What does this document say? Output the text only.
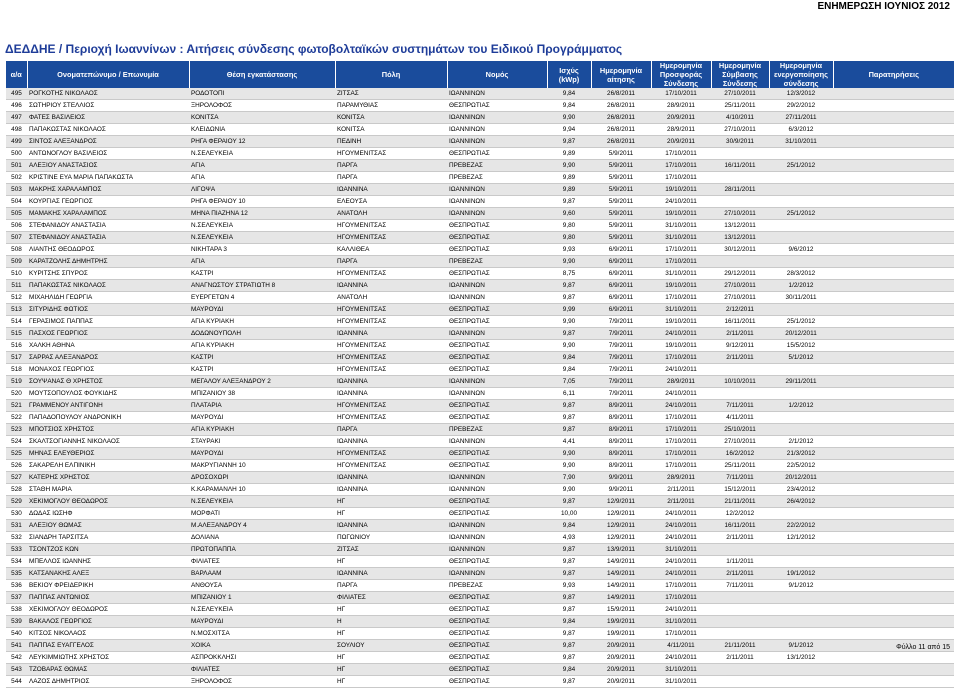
ΕΝΗΜΕΡΩΣΗ ΙΟΥΝΙΟΣ 2012
ΔΕΔΔΗΕ / Περιοχή Ιωαννίνων : Αιτήσεις σύνδεσης φωτοβολταϊκών συστημάτων του Ειδικού Προγράμματος
α/α	Ονοματεπώνυμο / Επωνυμία	Θέση εγκατάστασης	Πόλη	Νομός	Ισχύς (kWp)	Ημερομηνία αίτησης	Ημερομηνία Προσφοράς Σύνδεσης	Ημερομηνία Σύμβασης Σύνδεσης	Ημερομηνία ενεργοποίησης σύνδεσης	Παρατηρήσεις
495	ΡΟΓΚΟΤΗΣ ΝΙΚΟΛΑΟΣ	ΡΟΔΟΤΟΠΙ	ΖΙΤΣΑΣ	ΙΩΑΝΝΙΝΩΝ	9,84	26/8/2011	17/10/2011	27/10/2011	12/3/2012	
496	ΣΩΤΗΡΙΟΥ ΣΤΕΛΛΙΟΣ	ΞΗΡΟΛΟΦΟΣ	ΠΑΡΑΜΥΘΙΑΣ	ΘΕΣΠΡΩΤΙΑΣ	9,84	26/8/2011	28/9/2011	25/11/2011	29/2/2012	
497	ΦΑΤΕΣ ΒΑΣΙΛΕΙΟΣ	ΚΟΝΙΤΣΑ	ΚΟΝΙΤΣΑ	ΙΩΑΝΝΙΝΩΝ	9,90	26/8/2011	20/9/2011	4/10/2011	27/11/2011	
498	ΠΑΠΑΚΩΣΤΑΣ ΝΙΚΟΛΑΟΣ	ΚΛΕΙΔΩΝΙΑ	ΚΟΝΙΤΣΑ	ΙΩΑΝΝΙΝΩΝ	9,94	26/8/2011	28/9/2011	27/10/2011	6/3/2012	
499	ΣΙΝΤΟΣ ΑΛΕΞΑΝΔΡΟΣ	ΡΗΓΑ ΦΕΡΑΙΟΥ 12	ΠΕΔΙΝΗ	ΙΩΑΝΝΙΝΩΝ	9,87	26/8/2011	20/9/2011	30/9/2011	31/10/2011	
500	ΑΝΤΩΝΟΓΛΟΥ ΒΑΣΙΛΕΙΟΣ	Ν.ΣΕΛΕΥΚΕΙΑ	ΗΓΟΥΜΕΝΙΤΣΑΣ	ΘΕΣΠΡΩΤΙΑΣ	9,89	5/9/2011	17/10/2011			
501	ΑΛΕΞΙΟΥ ΑΝΑΣΤΑΣΙΟΣ	ΑΓΙΑ	ΠΑΡΓΑ	ΠΡΕΒΕΖΑΣ	9,90	5/9/2011	17/10/2011	16/11/2011	25/1/2012	
502	ΚΡΙΣΤΙΝΕ ΕΥΑ ΜΑΡΙΑ ΠΑΠΑΚΩΣΤΑ	ΑΓΙΑ	ΠΑΡΓΑ	ΠΡΕΒΕΖΑΣ	9,89	5/9/2011	17/10/2011			
503	ΜΑΚΡΗΣ ΧΑΡΑΛΑΜΠΟΣ	ΛΙΓΟΨΑ	ΙΩΑΝΝΙΝΑ	ΙΩΑΝΝΙΝΩΝ	9,89	5/9/2011	19/10/2011	28/11/2011		
504	ΚΟΥΡΓΙΑΣ ΓΕΩΡΓΙΟΣ	ΡΗΓΑ ΦΕΡΑΙΟΥ 10	ΕΛΕΟΥΣΑ	ΙΩΑΝΝΙΝΩΝ	9,87	5/9/2011	24/10/2011			
505	ΜΑΜΑΚΗΣ ΧΑΡΑΛΑΜΠΟΣ	ΜΗΝΑ ΠΙΑΖΗΝΑ 12	ΑΝΑΤΟΛΗ	ΙΩΑΝΝΙΝΩΝ	9,60	5/9/2011	19/10/2011	27/10/2011	25/1/2012	
506	ΣΤΕΦΑΝΙΔΟΥ ΑΝΑΣΤΑΣΙΑ	Ν.ΣΕΛΕΥΚΕΙΑ	ΗΓΟΥΜΕΝΙΤΣΑΣ	ΘΕΣΠΡΩΤΙΑΣ	9,80	5/9/2011	31/10/2011	13/12/2011		
507	ΣΤΕΦΑΝΙΔΟΥ ΑΝΑΣΤΑΣΙΑ	Ν.ΣΕΛΕΥΚΕΙΑ	ΗΓΟΥΜΕΝΙΤΣΑΣ	ΘΕΣΠΡΩΤΙΑΣ	9,80	5/9/2011	31/10/2011	13/12/2011		
508	ΛΙΑΝΤΗΣ ΘΕΟΔΩΡΟΣ	ΝΙΚΗΤΑΡΑ 3	ΚΑΛΛΙΘΕΑ	ΘΕΣΠΡΩΤΙΑΣ	9,93	6/9/2011	17/10/2011	30/12/2011	9/6/2012	
509	ΚΑΡΑΤΖΟΛΗΣ ΔΗΜΗΤΡΗΣ	ΑΓΙΑ	ΠΑΡΓΑ	ΠΡΕΒΕΖΑΣ	9,90	6/9/2011	17/10/2011			
510	ΚΥΡΙΤΣΗΣ ΣΠΥΡΟΣ	ΚΑΣΤΡΙ	ΗΓΟΥΜΕΝΙΤΣΑΣ	ΘΕΣΠΡΩΤΙΑΣ	8,75	6/9/2011	31/10/2011	29/12/2011	28/3/2012	
511	ΠΑΠΑΚΩΣΤΑΣ ΝΙΚΟΛΑΟΣ	ΑΝΑΓΝΩΣΤΟΥ ΣΤΡΑΤΙΩΤΗ 8	ΙΩΑΝΝΙΝΑ	ΙΩΑΝΝΙΝΩΝ	9,87	6/9/2011	19/10/2011	27/10/2011	1/2/2012	
512	ΜΙΧΑΗΛΙΔΗ ΓΕΩΡΓΙΑ	ΕΥΕΡΓΕΤΩΝ 4	ΑΝΑΤΟΛΗ	ΙΩΑΝΝΙΝΩΝ	9,87	6/9/2011	17/10/2011	27/10/2011	30/11/2011	
513	ΣΙΤΥΡΙΔΗΣ ΦΩΤΙΟΣ	ΜΑΥΡΟΥΔΙ	ΗΓΟΥΜΕΝΙΤΣΑΣ	ΘΕΣΠΡΩΤΙΑΣ	9,99	6/9/2011	31/10/2011	2/12/2011		
514	ΓΕΡΑΣΙΜΟΣ ΠΑΠΠΑΣ	ΑΓΙΑ ΚΥΡΙΑΚΗ	ΗΓΟΥΜΕΝΙΤΣΑΣ	ΘΕΣΠΡΩΤΙΑΣ	9,90	7/9/2011	19/10/2011	16/11/2011	25/1/2012	
515	ΠΑΣΧΟΣ ΓΕΩΡΓΙΟΣ	ΔΟΔΩΝΟΥΠΟΛΗ	ΙΩΑΝΝΙΝΑ	ΙΩΑΝΝΙΝΩΝ	9,87	7/9/2011	24/10/2011	2/11/2011	20/12/2011	
516	ΧΑΛΚΗ ΑΘΗΝΑ	ΑΓΙΑ ΚΥΡΙΑΚΗ	ΗΓΟΥΜΕΝΙΤΣΑΣ	ΘΕΣΠΡΩΤΙΑΣ	9,90	7/9/2011	19/10/2011	9/12/2011	15/5/2012	
517	ΣΑΡΡΑΣ ΑΛΕΞΑΝΔΡΟΣ	ΚΑΣΤΡΙ	ΗΓΟΥΜΕΝΙΤΣΑΣ	ΘΕΣΠΡΩΤΙΑΣ	9,84	7/9/2011	17/10/2011	2/11/2011	5/1/2012	
518	ΜΟΝΑΧΟΣ ΓΕΩΡΓΙΟΣ	ΚΑΣΤΡΙ	ΗΓΟΥΜΕΝΙΤΣΑΣ	ΘΕΣΠΡΩΤΙΑΣ	9,84	7/9/2011	24/10/2011			
519	ΣΟΥΨΑΝΑΣ Θ ΧΡΗΣΤΟΣ	ΜΕΓΑΛΟΥ ΑΛΕΞΑΝΔΡΟΥ 2	ΙΩΑΝΝΙΝΑ	ΙΩΑΝΝΙΝΩΝ	7,05	7/9/2011	28/9/2011	10/10/2011	29/11/2011	
520	ΜΟΥΤΣΟΠΟΥΛΟΣ ΦΟΥΚΙΔΗΣ	ΜΠΙΖΑΝΙΟΥ 38	ΙΩΑΝΝΙΝΑ	ΙΩΑΝΝΙΝΩΝ	6,11	7/9/2011	24/10/2011			
521	ΓΡΑΜΜΕΝΟΥ ΑΝΤΙΓΟΝΗ	ΠΛΑΤΑΡΙΑ	ΗΓΟΥΜΕΝΙΤΣΑΣ	ΘΕΣΠΡΩΤΙΑΣ	9,87	8/9/2011	24/10/2011	7/11/2011	1/2/2012	
522	ΠΑΠΑΔΟΠΟΥΛΟΥ ΑΝΔΡΟΝΙΚΗ	ΜΑΥΡΟΥΔΙ	ΗΓΟΥΜΕΝΙΤΣΑΣ	ΘΕΣΠΡΩΤΙΑΣ	9,87	8/9/2011	17/10/2011	4/11/2011		
523	ΜΠΟΤΣΙΟΣ ΧΡΗΣΤΟΣ	ΑΓΙΑ ΚΥΡΙΑΚΗ	ΠΑΡΓΑ	ΠΡΕΒΕΖΑΣ	9,87	8/9/2011	17/10/2011	25/10/2011		
524	ΣΚΑΛΤΣΟΓΙΑΝΝΗΣ ΝΙΚΟΛΑΟΣ	ΣΤΑΥΡΑΚΙ	ΙΩΑΝΝΙΝΑ	ΙΩΑΝΝΙΝΩΝ	4,41	8/9/2011	17/10/2011	27/10/2011	2/1/2012	
525	ΜΗΝΑΣ ΕΛΕΥΘΕΡΙΟΣ	ΜΑΥΡΟΥΔΙ	ΗΓΟΥΜΕΝΙΤΣΑΣ	ΘΕΣΠΡΩΤΙΑΣ	9,90	8/9/2011	17/10/2011	16/2/2012	21/3/2012	
526	ΣΑΚΑΡΕΛΗ ΕΛΠΙΝΙΚΗ	ΜΑΚΡΥΓΙΑΝΝΗ 10	ΗΓΟΥΜΕΝΙΤΣΑΣ	ΘΕΣΠΡΩΤΙΑΣ	9,90	8/9/2011	17/10/2011	25/11/2011	22/5/2012	
527	ΚΑΤΕΡΗΣ ΧΡΗΣΤΟΣ	ΔΡΟΣΟΧΩΡΙ	ΙΩΑΝΝΙΝΑ	ΙΩΑΝΝΙΝΩΝ	7,90	9/9/2011	28/9/2011	7/11/2011	20/12/2011	
528	ΣΤΑΘΗ ΜΑΡΙΑ	Κ.ΚΑΡΑΜΑΝΛΗ 10	ΙΩΑΝΝΙΝΑ	ΙΩΑΝΝΙΝΩΝ	9,90	9/9/2011	2/11/2011	15/12/2011	23/4/2012	
529	ΧΕΚΙΜΟΓΛΟΥ ΘΕΟΔΩΡΟΣ	Ν.ΣΕΛΕΥΚΕΙΑ	ΗΓ	ΘΕΣΠΡΩΤΙΑΣ	9,87	12/9/2011	2/11/2011	21/11/2011	26/4/2012	
530	ΔΩΔΑΣ ΙΩΣΗΦ	ΜΟΡΦΑΤΙ	ΗΓ	ΘΕΣΠΡΩΤΙΑΣ	10,00	12/9/2011	24/10/2011	12/2/2012		
531	ΑΛΕΞΙΟΥ ΘΩΜΑΣ	Μ.ΑΛΕΞΑΝΔΡΟΥ 4	ΙΩΑΝΝΙΝΑ	ΙΩΑΝΝΙΝΩΝ	9,84	12/9/2011	24/10/2011	16/11/2011	22/2/2012	
532	ΣΙΑΝΔΡΗ ΤΑΡΣΙΤΣΑ	ΔΟΛΙΑΝΑ	ΠΩΓΩΝΙΟΥ	ΙΩΑΝΝΙΝΩΝ	4,93	12/9/2011	24/10/2011	2/11/2011	12/1/2012	
533	ΤΣΟΝΤΖΟΣ ΚΩΝ	ΠΡΩΤΟΠΑΠΠΑ	ΖΙΤΣΑΣ	ΙΩΑΝΝΙΝΩΝ	9,87	13/9/2011	31/10/2011			
534	ΜΠΕΛΛΟΣ ΙΩΑΝΝΗΣ	ΦΙΛΙΑΤΕΣ	ΗΓ	ΘΕΣΠΡΩΤΙΑΣ	9,87	14/9/2011	24/10/2011	1/11/2011		
535	ΚΑΤΣΑΝΑΚΗΣ ΑΛΕΞ	ΒΑΡΛΑΑΜ	ΙΩΑΝΝΙΝΑ	ΙΩΑΝΝΙΝΩΝ	9,87	14/9/2011	24/10/2011	2/11/2011	19/1/2012	
536	ΒΕΚΙΟΥ ΦΡΕΙΔΕΡΙΚΗ	ΑΝΘΟΥΣΑ	ΠΑΡΓΑ	ΠΡΕΒΕΖΑΣ	9,93	14/9/2011	17/10/2011	7/11/2011	9/1/2012	
537	ΠΑΠΠΑΣ ΑΝΤΩΝΙΟΣ	ΜΠΙΖΑΝΙΟΥ 1	ΦΙΛΙΑΤΕΣ	ΘΕΣΠΡΩΤΙΑΣ	9,87	14/9/2011	17/10/2011			
538	ΧΕΚΙΜΟΓΛΟΥ ΘΕΟΔΩΡΟΣ	Ν.ΣΕΛΕΥΚΕΙΑ	ΗΓ	ΘΕΣΠΡΩΤΙΑΣ	9,87	15/9/2011	24/10/2011			
539	ΒΑΚΑΛΟΣ ΓΕΩΡΓΙΟΣ	ΜΑΥΡΟΥΔΙ	Η	ΘΕΣΠΡΩΤΙΑΣ	9,84	19/9/2011	31/10/2011			
540	ΚΙΤΣΟΣ ΝΙΚΟΛΑΟΣ	Ν.ΜΟΣΧΙΤΣΑ	ΗΓ	ΘΕΣΠΡΩΤΙΑΣ	9,87	19/9/2011	17/10/2011			
541	ΠΑΠΠΑΣ ΕΥΑΓΓΕΛΟΣ	ΧΟΙΚΑ	ΣΟΥΛΙΟΥ	ΘΕΣΠΡΩΤΙΑΣ	9,87	20/9/2011	4/11/2011	21/11/2011	9/1/2012	
542	ΛΕΥΚΙΜΜΙΩΤΗΣ ΧΡΗΣΤΟΣ	ΑΣΠΡΟΚΚΛΗΣΙ	ΗΓ	ΘΕΣΠΡΩΤΙΑΣ	9,87	20/9/2011	24/10/2011	2/11/2011	13/1/2012	
543	ΤΖΟΒΑΡΑΣ ΘΩΜΑΣ	ΦΙΛΙΑΤΕΣ	ΗΓ	ΘΕΣΠΡΩΤΙΑΣ	9,84	20/9/2011	31/10/2011			
544	ΛΑΖΟΣ ΔΗΜΗΤΡΙΟΣ	ΞΗΡΟΛΟΦΟΣ	ΗΓ	ΘΕΣΠΡΩΤΙΑΣ	9,87	20/9/2011	31/10/2011			
Φύλλο 11 από 15
